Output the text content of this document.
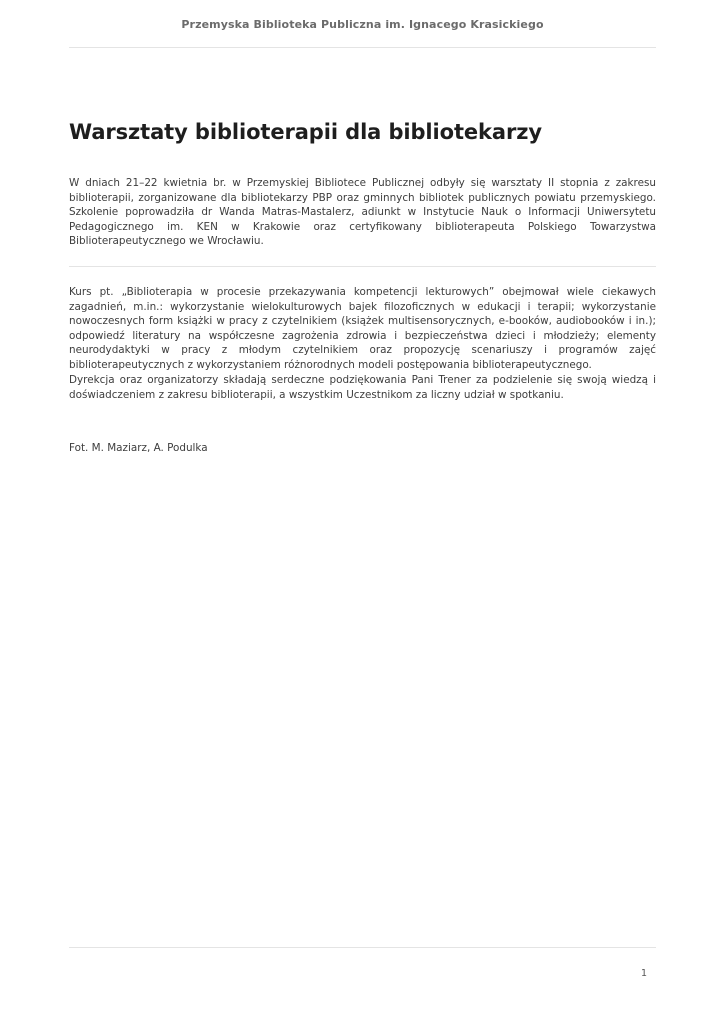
Przemyska Biblioteka Publiczna im. Ignacego Krasickiego
Warsztaty biblioterapii dla bibliotekarzy

W dniach 21–22 kwietnia br. w Przemyskiej Bibliotece Publicznej odbyły się warsztaty II stopnia z zakresu biblioterapii, zorganizowane dla bibliotekarzy PBP oraz gminnych bibliotek publicznych powiatu przemyskiego. Szkolenie poprowadziła dr Wanda Matras-Mastalerz, adiunkt w Instytucie Nauk o Informacji Uniwersytetu Pedagogicznego im. KEN w Krakowie oraz certyfikowany biblioterapeuta Polskiego Towarzystwa Biblioterapeutycznego we Wrocławiu.

Kurs pt. „Biblioterapia w procesie przekazywania kompetencji lekturowych” obejmował wiele ciekawych zagadnień, m.in.: wykorzystanie wielokulturowych bajek filozoficznych w edukacji i terapii; wykorzystanie nowoczesnych form książki w pracy z czytelnikiem (książek multisensorycznych, e-booków, audiobooków i in.); odpowiedź literatury na współczesne zagrożenia zdrowia i bezpieczeństwa dzieci i młodzieży; elementy neurodydaktyki w pracy z młodym czytelnikiem oraz propozycję scenariuszy i programów zajęć biblioterapeutycznych z wykorzystaniem różnorodnych modeli postępowania biblioterapeutycznego.

Dyrekcja oraz organizatorzy składają serdeczne podziękowania Pani Trener za podzielenie się swoją wiedzą i doświadczeniem z zakresu biblioterapii, a wszystkim Uczestnikom za liczny udział w spotkaniu.

Fot. M. Maziarz, A. Podulka

1
